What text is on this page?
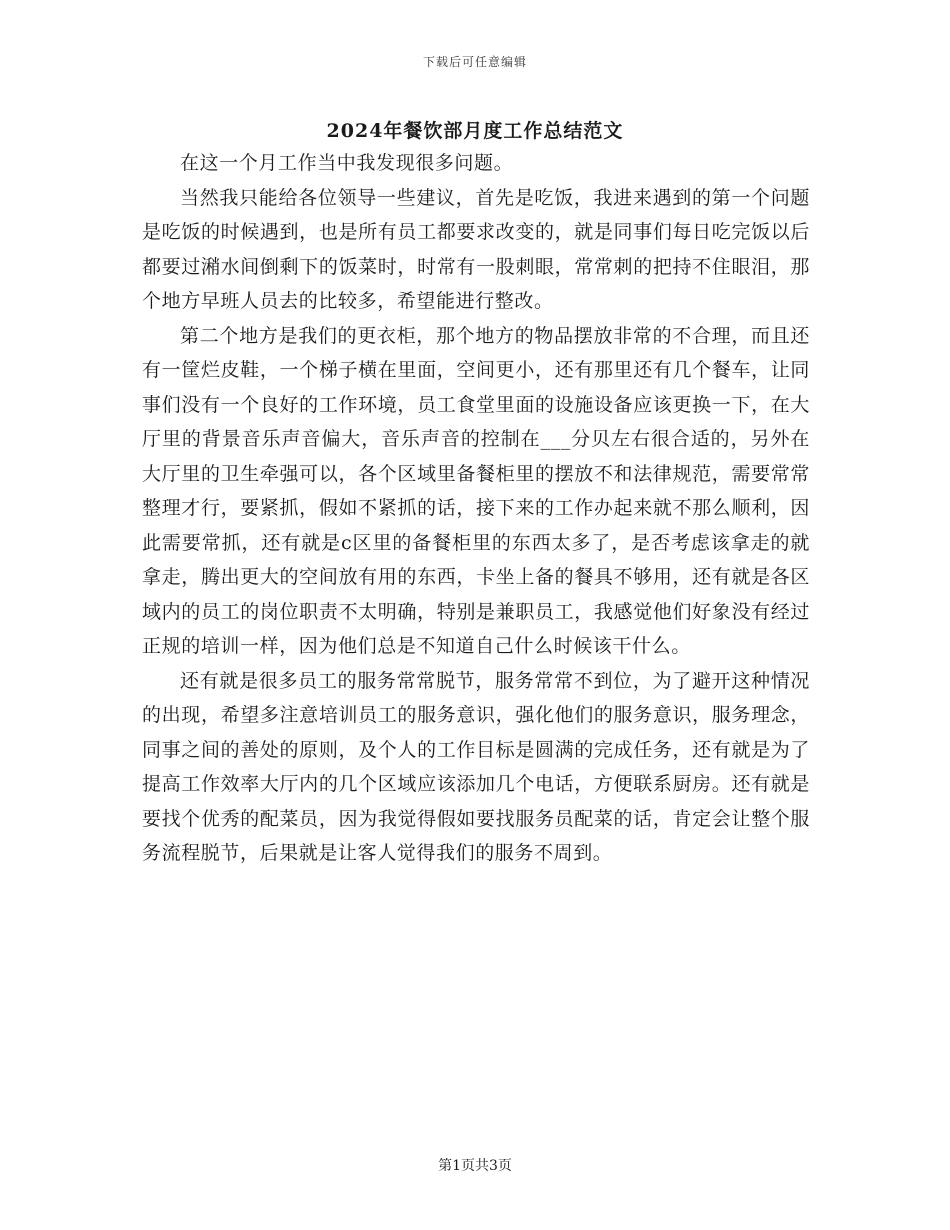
下载后可任意编辑
2024年餐饮部月度工作总结范文

在这一个月工作当中我发现很多问题。

当然我只能给各位领导一些建议，首先是吃饭，我进来遇到的第一个问题是吃饭的时候遇到，也是所有员工都要求改变的，就是同事们每日吃完饭以后都要过潲水间倒剩下的饭菜时，时常有一股刺眼，常常刺的把持不住眼泪，那个地方早班人员去的比较多，希望能进行整改。

第二个地方是我们的更衣柜，那个地方的物品摆放非常的不合理，而且还有一筐烂皮鞋，一个梯子横在里面，空间更小，还有那里还有几个餐车，让同事们没有一个良好的工作环境，员工食堂里面的设施设备应该更换一下，在大厅里的背景音乐声音偏大，音乐声音的控制在___分贝左右很合适的，另外在大厅里的卫生牵强可以，各个区域里备餐柜里的摆放不和法律规范，需要常常整理才行，要紧抓，假如不紧抓的话，接下来的工作办起来就不那么顺利，因此需要常抓，还有就是c区里的备餐柜里的东西太多了，是否考虑该拿走的就拿走，腾出更大的空间放有用的东西，卡坐上备的餐具不够用，还有就是各区域内的员工的岗位职责不太明确，特别是兼职员工，我感觉他们好象没有经过正规的培训一样，因为他们总是不知道自己什么时候该干什么。

还有就是很多员工的服务常常脱节，服务常常不到位，为了避开这种情况的出现，希望多注意培训员工的服务意识，强化他们的服务意识，服务理念，同事之间的善处的原则，及个人的工作目标是圆满的完成任务，还有就是为了提高工作效率大厅内的几个区域应该添加几个电话，方便联系厨房。还有就是要找个优秀的配菜员，因为我觉得假如要找服务员配菜的话，肯定会让整个服务流程脱节，后果就是让客人觉得我们的服务不周到。

第1页共3页
